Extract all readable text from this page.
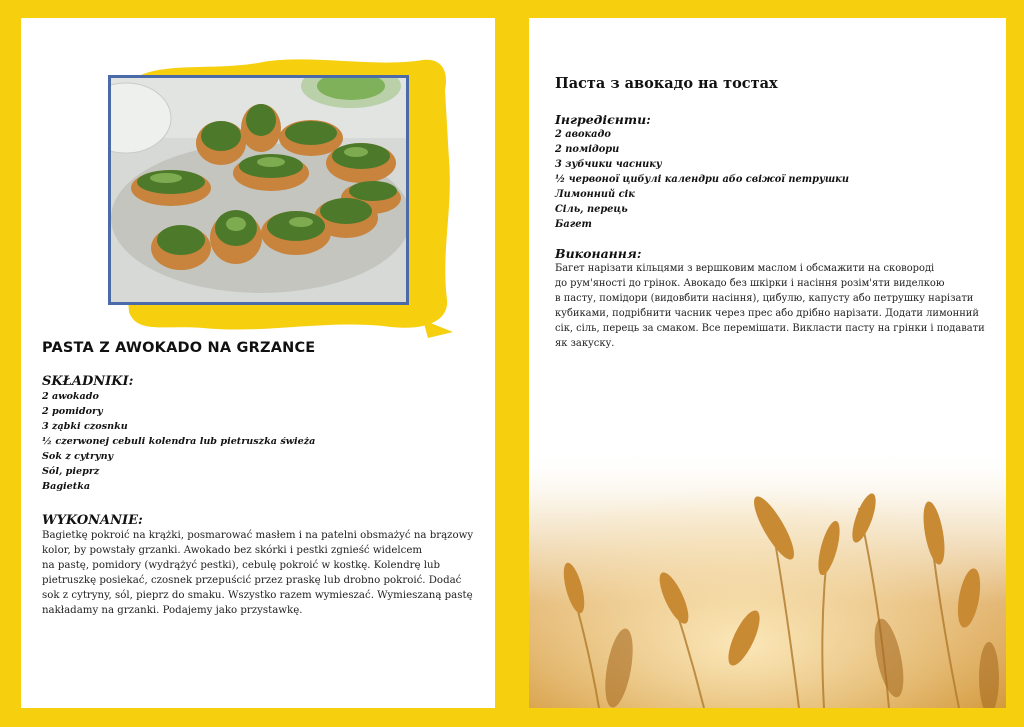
PASTA Z AWOKADO NA GRZANCE
SKŁADNIKI:
2 awokado
2 pomidory
3 ząbki czosnku
½ czerwonej cebuli kolendra lub pietruszka świeża
Sok z cytryny
Sól, pieprz
Bagietka
WYKONANIE:
Bagietkę pokroić na krążki, posmarować masłem i na patelni obsmażyć na brązowy
kolor, by powstały grzanki. Awokado bez skórki i pestki zgnieść widelcem
na pastę, pomidory (wydrążyć pestki), cebulę pokroić w kostkę. Kolendrę lub
pietruszkę posiekać, czosnek przepuścić przez praskę lub drobno pokroić. Dodać
sok z cytryny, sól, pieprz do smaku. Wszystko razem wymieszać. Wymieszaną pastę
nakładamy na grzanki. Podajemy jako przystawkę.
Паста з авокадо на тостах
Інгредієнти:
2 авокадо
2 помідори
3 зубчики часнику
½ червоної цибулі календри або свіжої петрушки
Лимонний сік
Сіль, перець
Багет
Виконання:
Багет нарізати кільцями з вершковим маслом і обсмажити на сковороді
до рум'яності до грінок. Авокадо без шкірки і насіння розім'яти виделкою
в пасту, помідори (видовбити насіння), цибулю, капусту або петрушку нарізати
кубиками, подрібнити часник через прес або дрібно нарізати. Додати лимонний
сік, сіль, перець за смаком. Все перемішати. Викласти пасту на грінки і подавати
як закуску.
